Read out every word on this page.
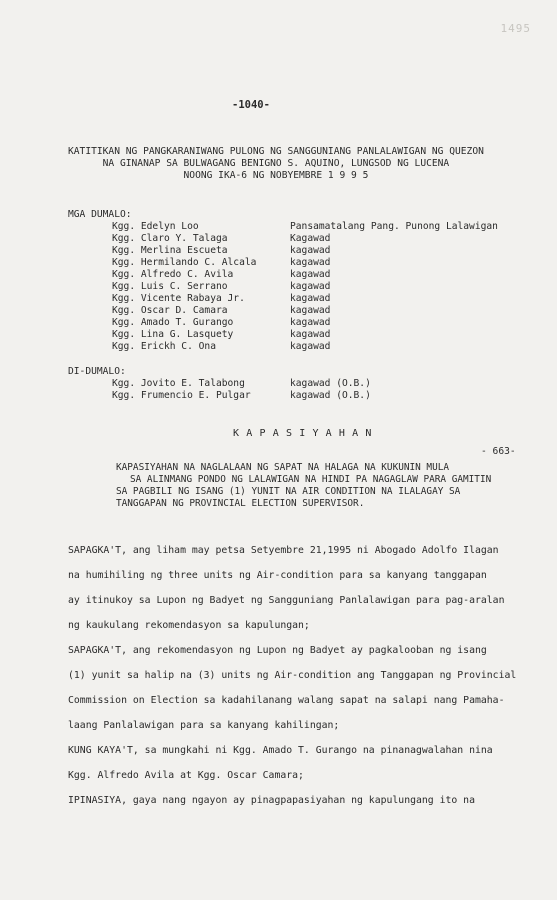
1495
-1040-
KATITIKAN NG PANGKARANIWANG PULONG NG SANGGUNIANG PANLALAWIGAN NG QUEZON
NA GINANAP SA BULWAGANG BENIGNO S. AQUINO, LUNGSOD NG LUCENA
NOONG IKA-6 NG NOBYEMBRE 1 9 9 5
MGA DUMALO:
Kgg. Edelyn Loo	Pansamatalang Pang. Punong Lalawigan
Kgg. Claro Y. Talaga	Kagawad
Kgg. Merlina Escueta	kagawad
Kgg. Hermilando C. Alcala	kagawad
Kgg. Alfredo C. Avila	kagawad
Kgg. Luis C. Serrano	kagawad
Kgg. Vicente Rabaya Jr.	kagawad
Kgg. Oscar D. Camara	kagawad
Kgg. Amado T. Gurango	kagawad
Kgg. Lina G. Lasquety	kagawad
Kgg. Erickh C. Ona	kagawad
DI-DUMALO:
Kgg. Jovito E. Talabong	kagawad (O.B.)
Kgg. Frumencio E. Pulgar	kagawad (O.B.)
K A P A S I Y A H A N
- 663-
KAPASIYAHAN NA NAGLALAAN NG SAPAT NA HALAGA NA KUKUNIN MULA
SA ALINMANG PONDO NG LALAWIGAN NA HINDI PA NAGAGLAW PARA GAMITIN
SA PAGBILI NG ISANG (1) YUNIT NA AIR CONDITION NA ILALAGAY SA
TANGGAPAN NG PROVINCIAL ELECTION SUPERVISOR.
SAPAGKA'T, ang liham may petsa Setyembre 21,1995 ni Abogado Adolfo Ilagan
na humihiling ng three units ng Air-condition para sa kanyang tanggapan
ay itinukoy sa Lupon ng Badyet ng Sangguniang Panlalawigan para pag-aralan
ng kaukulang rekomendasyon sa kapulungan;
SAPAGKA'T, ang rekomendasyon ng Lupon ng Badyet ay pagkalooban ng isang
(1) yunit sa halip na (3) units ng Air-condition ang Tanggapan ng Provincial
Commission on Election sa kadahilanang walang sapat na salapi nang Pamaha-
laang Panlalawigan para sa kanyang kahilingan;
KUNG KAYA'T, sa mungkahi ni Kgg. Amado T. Gurango na pinanagwalahan nina
Kgg. Alfredo Avila at Kgg. Oscar Camara;
IPINASIYA, gaya nang ngayon ay pinagpapasiyahan ng kapulungang ito na
